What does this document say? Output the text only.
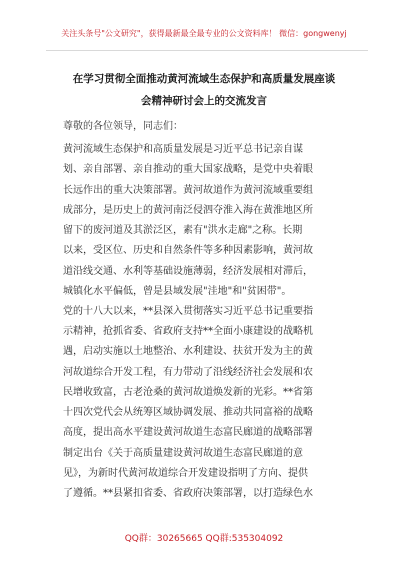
关注头条号"公文研究"，获得最新最全最专业的公文资料库！ 微信：gongwenyj
在学习贯彻全面推动黄河流域生态保护和高质量发展座谈
会精神研讨会上的交流发言
尊敬的各位领导，同志们：
黄河流域生态保护和高质量发展是习近平总书记亲自谋
划、亲自部署、亲自推动的重大国家战略，是党中央着眼
长远作出的重大决策部署。黄河故道作为黄河流域重要组
成部分，是历史上的黄河南泛侵泗夺淮入海在黄淮地区所
留下的废河道及其淤泛区，素有"洪水走廊"之称。长期
以来，受区位、历史和自然条件等多种因素影响，黄河故
道沿线交通、水利等基础设施薄弱，经济发展相对滞后，
城镇化水平偏低，曾是县域发展"洼地"和"贫困带"。
党的十八大以来，**县深入贯彻落实习近平总书记重要指
示精神，抢抓省委、省政府支持**全面小康建设的战略机
遇，启动实施以土地整治、水利建设、扶贫开发为主的黄
河故道综合开发工程，有力带动了沿线经济社会发展和农
民增收致富，古老沧桑的黄河故道焕发新的光彩。**省第
十四次党代会从统筹区域协调发展、推动共同富裕的战略
高度，提出高水平建设黄河故道生态富民廊道的战略部署
制定出台《关于高质量建设黄河故道生态富民廊道的意
见》，为新时代黄河故道综合开发建设指明了方向、提供
了遵循。**县紧扣省委、省政府决策部署，以打造绿色水
QQ群：30265665 QQ群:535304092
